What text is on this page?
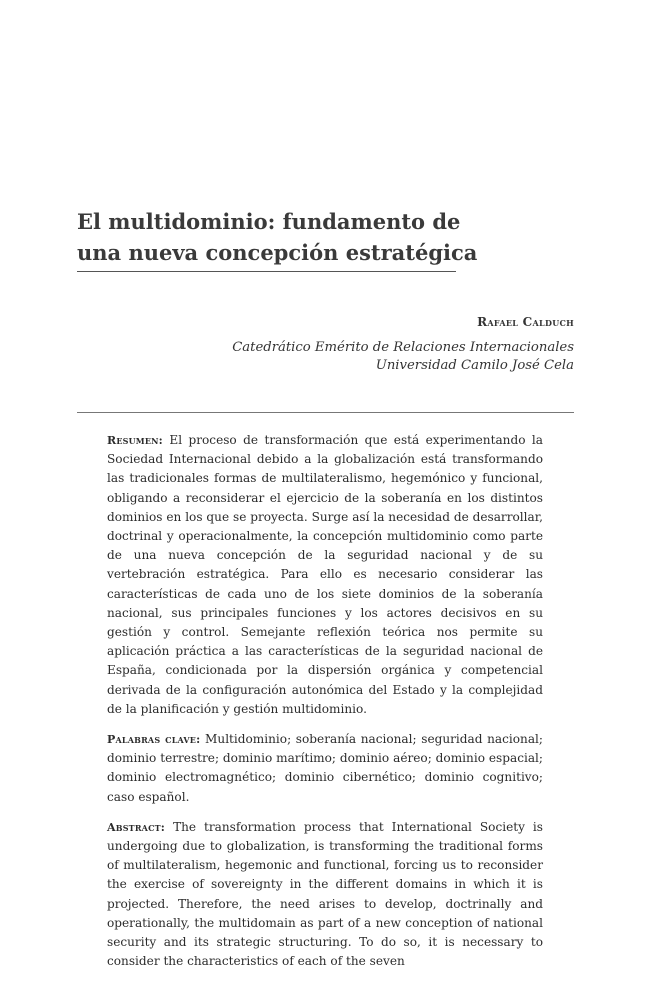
El multidominio: fundamento de
una nueva concepción estratégica
Rafael Calduch
Catedrático Emérito de Relaciones Internacionales
Universidad Camilo José Cela

Resumen: El proceso de transformación que está experimentando la Sociedad Internacional debido a la globalización está transformando las tradicionales formas de multilateralismo, hegemónico y funcional, obligando a reconsiderar el ejercicio de la soberanía en los distintos dominios en los que se proyecta. Surge así la necesidad de desarrollar, doctrinal y operacionalmente, la concepción multidominio como parte de una nueva concepción de la seguridad nacional y de su vertebración estratégica. Para ello es necesario considerar las características de cada uno de los siete dominios de la soberanía nacional, sus principales funciones y los actores decisivos en su gestión y control. Semejante reflexión teórica nos permite su aplicación práctica a las características de la seguridad nacional de España, condicionada por la dispersión orgánica y competencial derivada de la configuración autonómica del Estado y la complejidad de la planificación y gestión multidominio.

Palabras clave: Multidominio; soberanía nacional; seguridad nacional; dominio terrestre; dominio marítimo; dominio aéreo; dominio espacial; dominio electromagnético; dominio cibernético; dominio cognitivo; caso español.

Abstract: The transformation process that International Society is undergoing due to globalization, is transforming the traditional forms of multilateralism, hegemonic and functional, forcing us to reconsider the exercise of sovereignty in the different domains in which it is projected. Therefore, the need arises to develop, doctrinally and operationally, the multidomain as part of a new conception of national security and its strategic structuring. To do so, it is necessary to consider the characteristics of each of the seven
